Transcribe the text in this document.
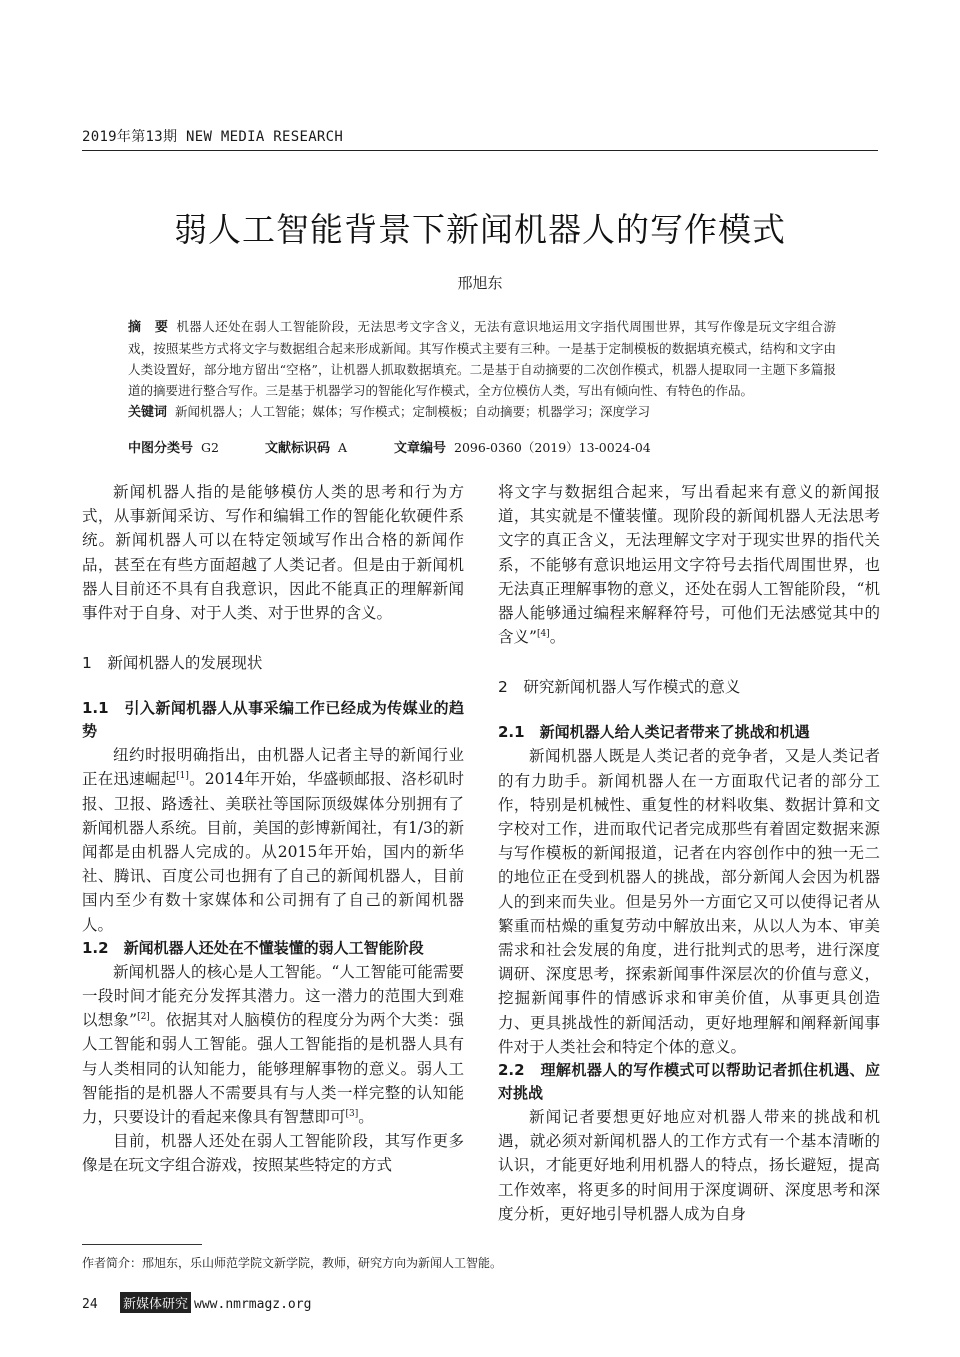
2019年第13期 NEW MEDIA RESEARCH
弱人工智能背景下新闻机器人的写作模式
邢旭东
摘　要 机器人还处在弱人工智能阶段，无法思考文字含义，无法有意识地运用文字指代周围世界，其写作像是玩文字组合游戏，按照某些方式将文字与数据组合起来形成新闻。其写作模式主要有三种。一是基于定制模板的数据填充模式，结构和文字由人类设置好，部分地方留出“空格”，让机器人抓取数据填充。二是基于自动摘要的二次创作模式，机器人提取同一主题下多篇报道的摘要进行整合写作。三是基于机器学习的智能化写作模式，全方位模仿人类，写出有倾向性、有特色的作品。
关键词 新闻机器人；人工智能；媒体；写作模式；定制模板；自动摘要；机器学习；深度学习
中图分类号 G2	文献标识码 A	文章编号 2096-0360（2019）13-0024-04

新闻机器人指的是能够模仿人类的思考和行为方式，从事新闻采访、写作和编辑工作的智能化软硬件系统。新闻机器人可以在特定领域写作出合格的新闻作品，甚至在有些方面超越了人类记者。但是由于新闻机器人目前还不具有自我意识，因此不能真正的理解新闻事件对于自身、对于人类、对于世界的含义。

1　新闻机器人的发展现状
1.1　引入新闻机器人从事采编工作已经成为传媒业的趋势

纽约时报明确指出，由机器人记者主导的新闻行业正在迅速崛起[1]。2014年开始，华盛顿邮报、洛杉矶时报、卫报、路透社、美联社等国际顶级媒体分别拥有了新闻机器人系统。目前，美国的彭博新闻社，有1/3的新闻都是由机器人完成的。从2015年开始，国内的新华社、腾讯、百度公司也拥有了自己的新闻机器人，目前国内至少有数十家媒体和公司拥有了自己的新闻机器人。

1.2　新闻机器人还处在不懂装懂的弱人工智能阶段

新闻机器人的核心是人工智能。“人工智能可能需要一段时间才能充分发挥其潜力。这一潜力的范围大到难以想象”[2]。依据其对人脑模仿的程度分为两个大类：强人工智能和弱人工智能。强人工智能指的是机器人具有与人类相同的认知能力，能够理解事物的意义。弱人工智能指的是机器人不需要具有与人类一样完整的认知能力，只要设计的看起来像具有智慧即可[3]。

目前，机器人还处在弱人工智能阶段，其写作更多像是在玩文字组合游戏，按照某些特定的方式

将文字与数据组合起来，写出看起来有意义的新闻报道，其实就是不懂装懂。现阶段的新闻机器人无法思考文字的真正含义，无法理解文字对于现实世界的指代关系，不能够有意识地运用文字符号去指代周围世界，也无法真正理解事物的意义，还处在弱人工智能阶段，“机器人能够通过编程来解释符号，可他们无法感觉其中的含义”[4]。

2　研究新闻机器人写作模式的意义
2.1　新闻机器人给人类记者带来了挑战和机遇

新闻机器人既是人类记者的竞争者，又是人类记者的有力助手。新闻机器人在一方面取代记者的部分工作，特别是机械性、重复性的材料收集、数据计算和文字校对工作，进而取代记者完成那些有着固定数据来源与写作模板的新闻报道，记者在内容创作中的独一无二的地位正在受到机器人的挑战，部分新闻人会因为机器人的到来而失业。但是另外一方面它又可以使得记者从繁重而枯燥的重复劳动中解放出来，从以人为本、审美需求和社会发展的角度，进行批判式的思考，进行深度调研、深度思考，探索新闻事件深层次的价值与意义，挖掘新闻事件的情感诉求和审美价值，从事更具创造力、更具挑战性的新闻活动，更好地理解和阐释新闻事件对于人类社会和特定个体的意义。

2.2　理解机器人的写作模式可以帮助记者抓住机遇、应对挑战

新闻记者要想更好地应对机器人带来的挑战和机遇，就必须对新闻机器人的工作方式有一个基本清晰的认识，才能更好地利用机器人的特点，扬长避短，提高工作效率，将更多的时间用于深度调研、深度思考和深度分析，更好地引导机器人成为自身

作者简介：邢旭东，乐山师范学院文新学院，教师，研究方向为新闻人工智能。
24 新媒体研究 www.nmrmagz.org
